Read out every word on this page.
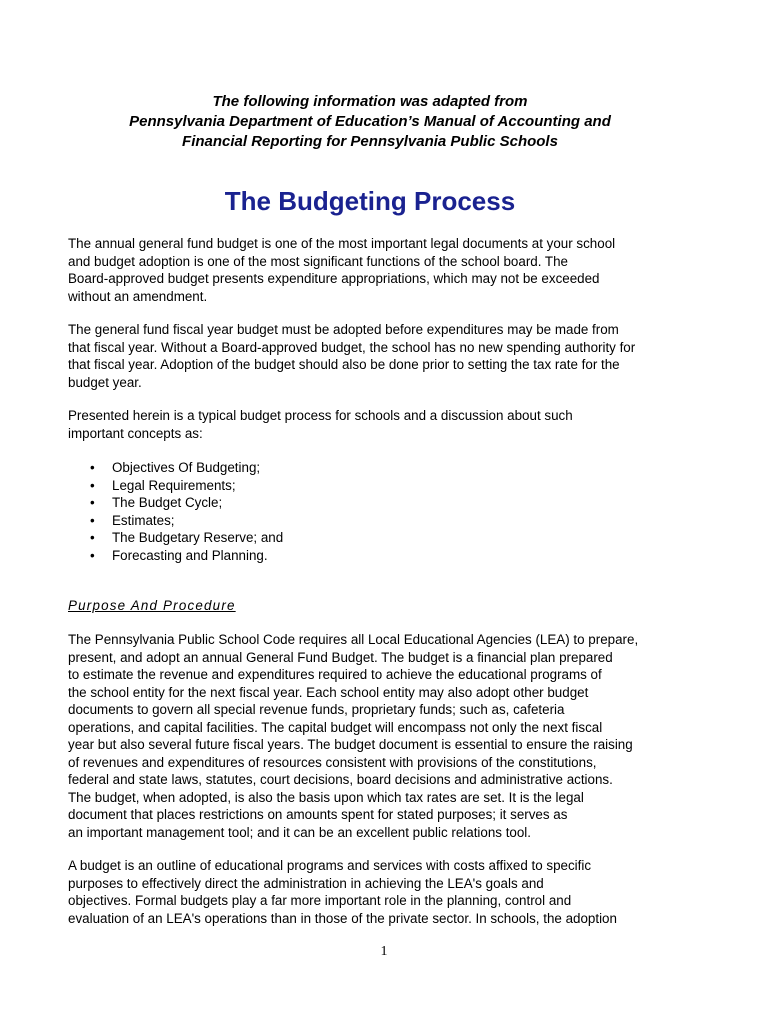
The following information was adapted from
Pennsylvania Department of Education’s Manual of Accounting and
Financial Reporting for Pennsylvania Public Schools
The Budgeting Process

The annual general fund budget is one of the most important legal documents at your school
and budget adoption is one of the most significant functions of the school board. The
Board-approved budget presents expenditure appropriations, which may not be exceeded
without an amendment.

The general fund fiscal year budget must be adopted before expenditures may be made from
that fiscal year. Without a Board-approved budget, the school has no new spending authority for
that fiscal year. Adoption of the budget should also be done prior to setting the tax rate for the
budget year.

Presented herein is a typical budget process for schools and a discussion about such
important concepts as:

• Objectives Of Budgeting;
• Legal Requirements;
• The Budget Cycle;
• Estimates;
• The Budgetary Reserve; and
• Forecasting and Planning.
Purpose And Procedure

The Pennsylvania Public School Code requires all Local Educational Agencies (LEA) to prepare,
present, and adopt an annual General Fund Budget. The budget is a financial plan prepared
to estimate the revenue and expenditures required to achieve the educational programs of
the school entity for the next fiscal year. Each school entity may also adopt other budget
documents to govern all special revenue funds, proprietary funds; such as, cafeteria
operations, and capital facilities. The capital budget will encompass not only the next fiscal
year but also several future fiscal years. The budget document is essential to ensure the raising
of revenues and expenditures of resources consistent with provisions of the constitutions,
federal and state laws, statutes, court decisions, board decisions and administrative actions.
The budget, when adopted, is also the basis upon which tax rates are set. It is the legal
document that places restrictions on amounts spent for stated purposes; it serves as
an important management tool; and it can be an excellent public relations tool.

A budget is an outline of educational programs and services with costs affixed to specific
purposes to effectively direct the administration in achieving the LEA's goals and
objectives. Formal budgets play a far more important role in the planning, control and
evaluation of an LEA's operations than in those of the private sector. In schools, the adoption

1
